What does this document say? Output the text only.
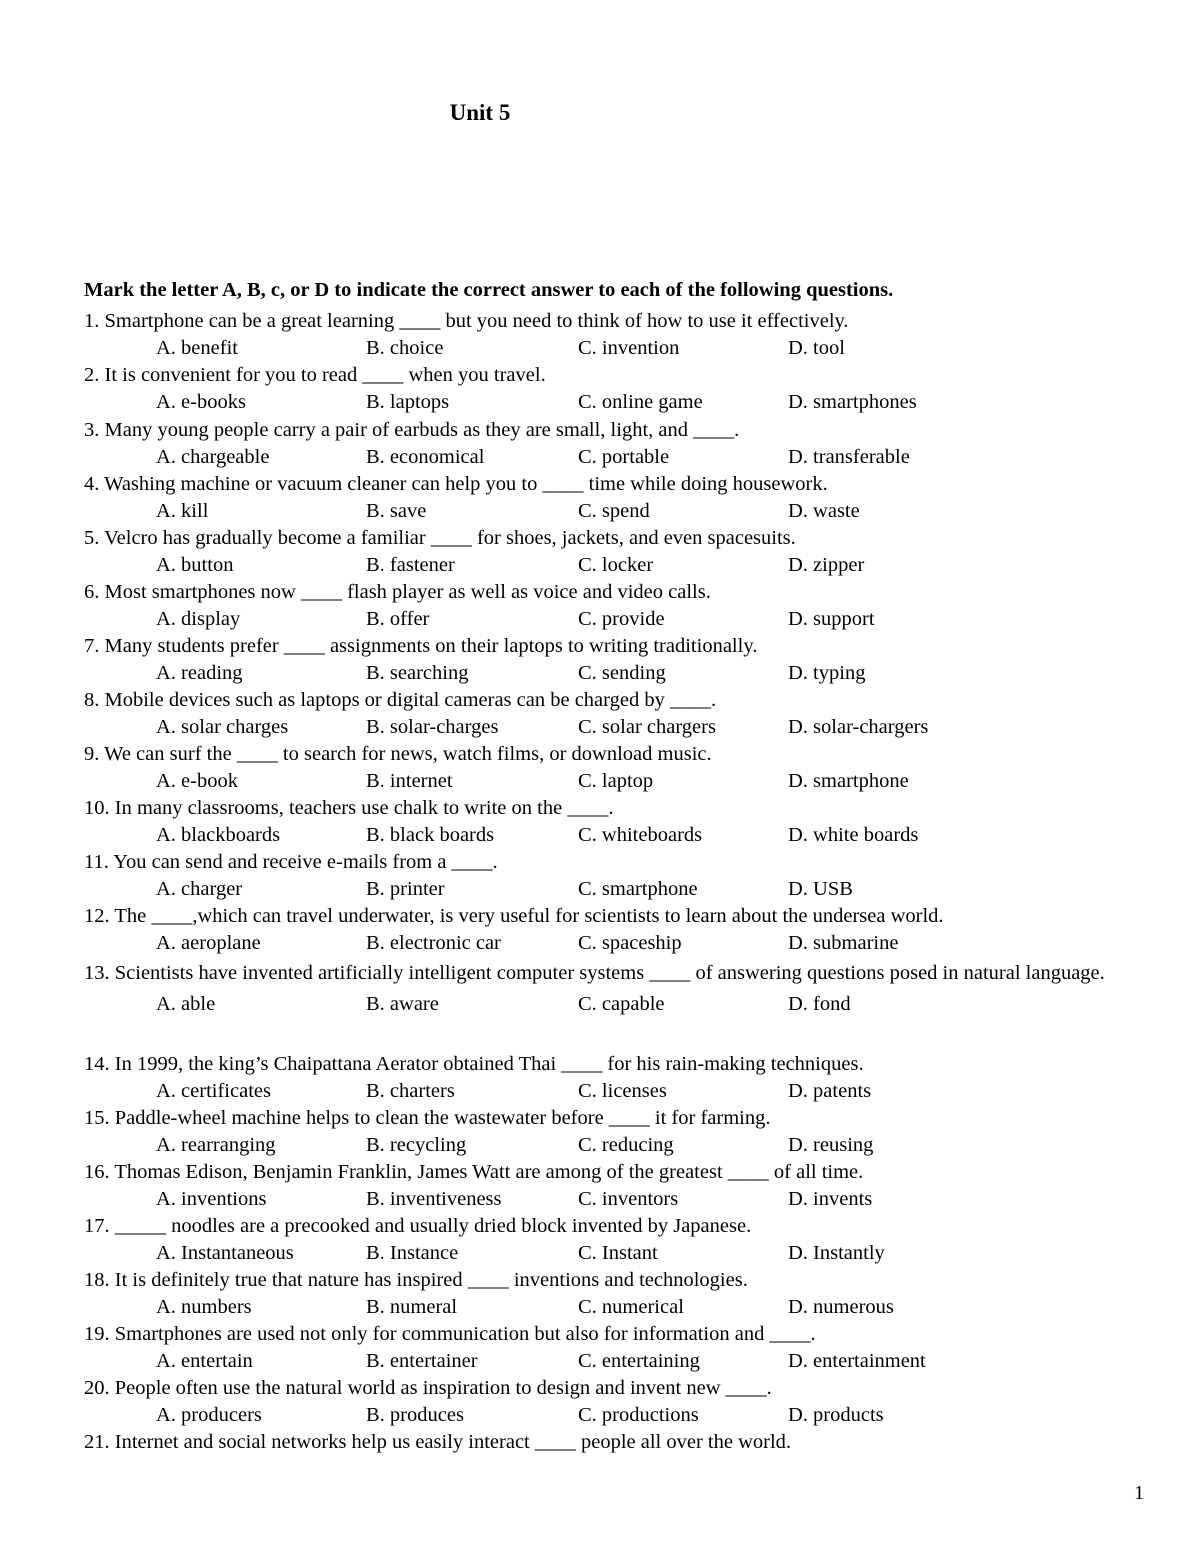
Unit 5
Mark the letter A, B, c, or D to indicate the correct answer to each of the following questions.
1. Smartphone can be a great learning ____ but you need to think of how to use it effectively.
A. benefit	B. choice	C. invention	D. tool
2. It is convenient for you to read ____ when you travel.
A. e-books	B. laptops	C. online game	D. smartphones
3. Many young people carry a pair of earbuds as they are small, light, and ____.
A. chargeable	B. economical	C. portable	D. transferable
4. Washing machine or vacuum cleaner can help you to ____ time while doing housework.
A. kill	B. save	C. spend	D. waste
5. Velcro has gradually become a familiar ____ for shoes, jackets, and even spacesuits.
A. button	B. fastener	C. locker	D. zipper
6. Most smartphones now ____ flash player as well as voice and video calls.
A. display	B. offer	C. provide	D. support
7. Many students prefer ____ assignments on their laptops to writing traditionally.
A. reading	B. searching	C. sending	D. typing
8. Mobile devices such as laptops or digital cameras can be charged by ____.
A. solar charges	B. solar-charges	C. solar chargers	D. solar-chargers
9. We can surf the ____ to search for news, watch films, or download music.
A. e-book	B. internet	C. laptop	D. smartphone
10. In many classrooms, teachers use chalk to write on the ____.
A. blackboards	B. black boards	C. whiteboards	D. white boards
11. You can send and receive e-mails from a ____.
A. charger	B. printer	C. smartphone	D. USB
12. The ____,which can travel underwater, is very useful for scientists to learn about the undersea world.
A. aeroplane	B. electronic car	C. spaceship	D. submarine
13. Scientists have invented artificially intelligent computer systems ____ of answering questions posed in natural language.
A. able	B. aware	C. capable	D. fond
14. In 1999, the king’s Chaipattana Aerator obtained Thai ____ for his rain-making techniques.
A. certificates	B. charters	C. licenses	D. patents
15. Paddle-wheel machine helps to clean the wastewater before ____ it for farming.
A. rearranging	B. recycling	C. reducing	D. reusing
16. Thomas Edison, Benjamin Franklin, James Watt are among of the greatest ____ of all time.
A. inventions	B. inventiveness	C. inventors	D. invents
17. _____ noodles are a precooked and usually dried block invented by Japanese.
A. Instantaneous	B. Instance	C. Instant	D. Instantly
18. It is definitely true that nature has inspired ____ inventions and technologies.
A. numbers	B. numeral	C. numerical	D. numerous
19. Smartphones are used not only for communication but also for information and ____.
A. entertain	B. entertainer	C. entertaining	D. entertainment
20. People often use the natural world as inspiration to design and invent new ____.
A. producers	B. produces	C. productions	D. products
21. Internet and social networks help us easily interact ____ people all over the world.
1
